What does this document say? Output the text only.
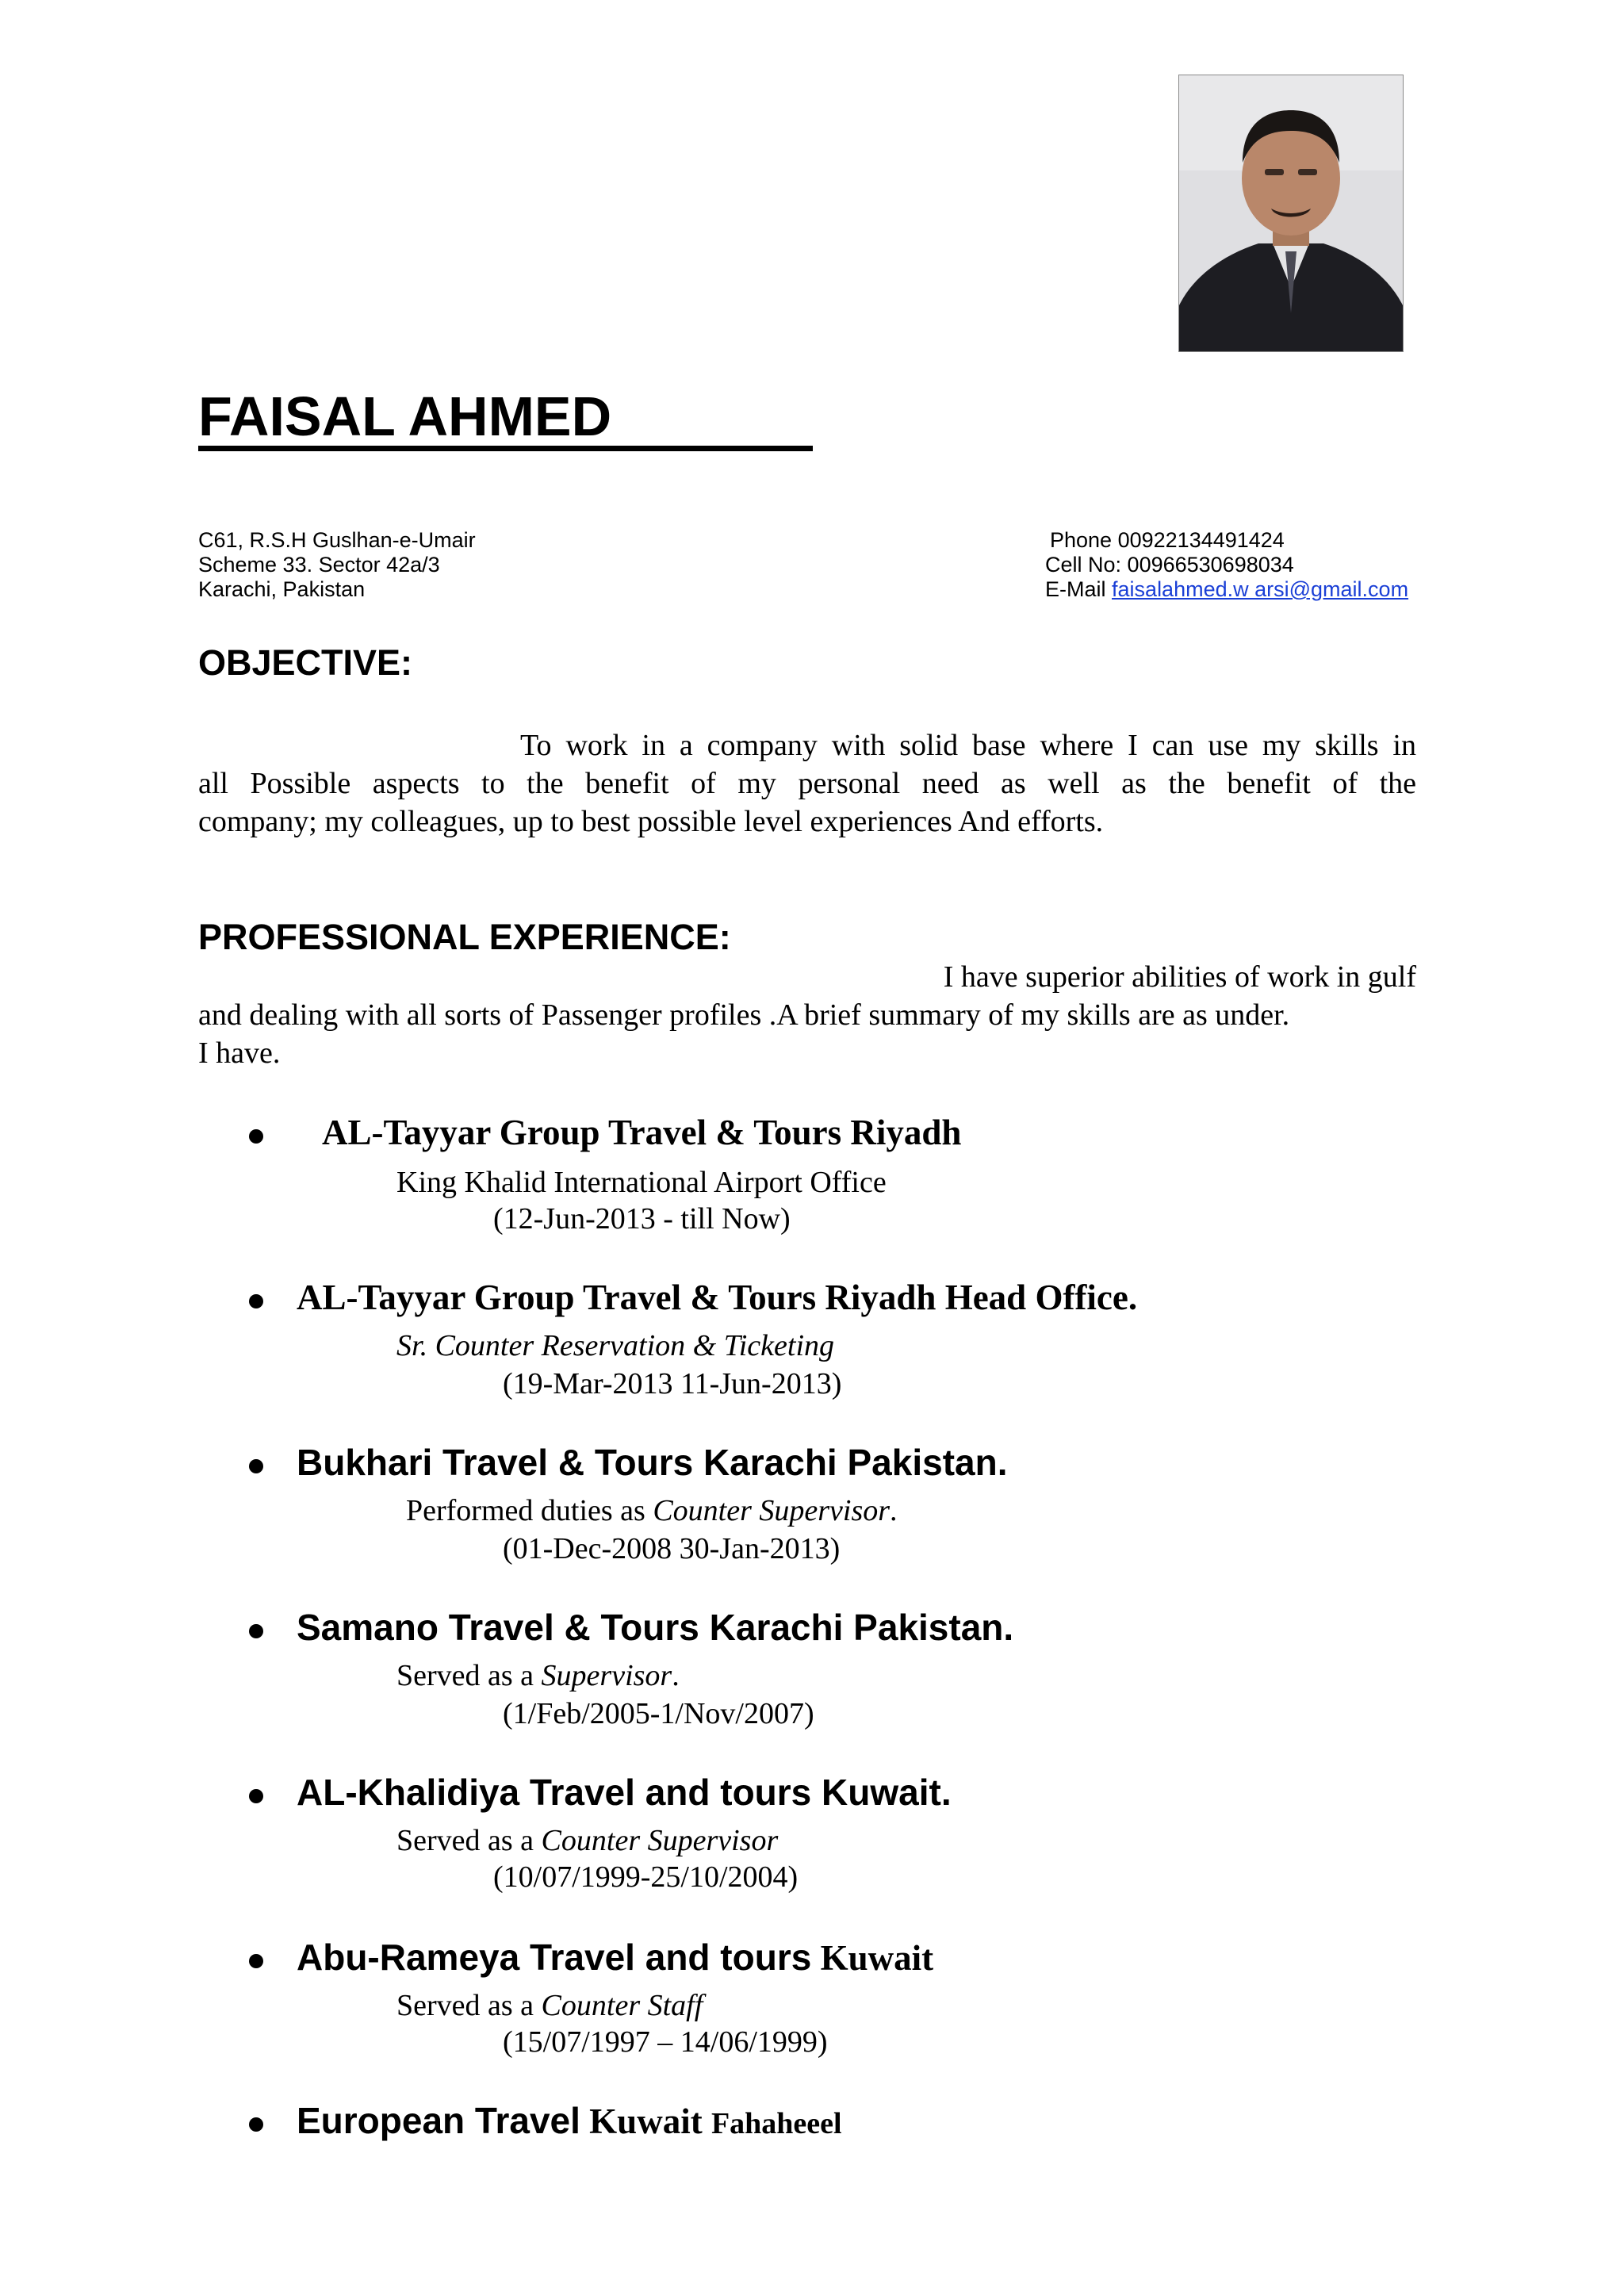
FAISAL AHMED
C61, R.S.H Guslhan-e-Umair
Scheme 33. Sector 42a/3
Karachi, Pakistan
Phone 00922134491424
Cell No: 00966530698034
E-Mail faisalahmed.w arsi@gmail.com
OBJECTIVE:
To work in a company with solid base where I can use my skills in
all Possible aspects to the benefit of my personal need as well as the benefit of the
company; my colleagues, up to best possible level experiences And efforts.
PROFESSIONAL EXPERIENCE:
I have superior abilities of work in gulf
and dealing with all sorts of Passenger profiles .A brief summary of my skills are as under.
I have.
AL-Tayyar Group Travel & Tours Riyadh
King Khalid International Airport Office
(12-Jun-2013 - till Now)
AL-Tayyar Group Travel & Tours Riyadh Head Office.
Sr. Counter Reservation & Ticketing
(19-Mar-2013 11-Jun-2013)
Bukhari Travel & Tours Karachi Pakistan.
Performed duties as Counter Supervisor.
(01-Dec-2008 30-Jan-2013)
Samano Travel & Tours Karachi Pakistan.
Served as a Supervisor.
(1/Feb/2005-1/Nov/2007)
AL-Khalidiya Travel and tours Kuwait.
Served as a Counter Supervisor
(10/07/1999-25/10/2004)
Abu-Rameya Travel and tours Kuwait
Served as a Counter Staff
(15/07/1997 – 14/06/1999)
European Travel Kuwait Fahaheeel
